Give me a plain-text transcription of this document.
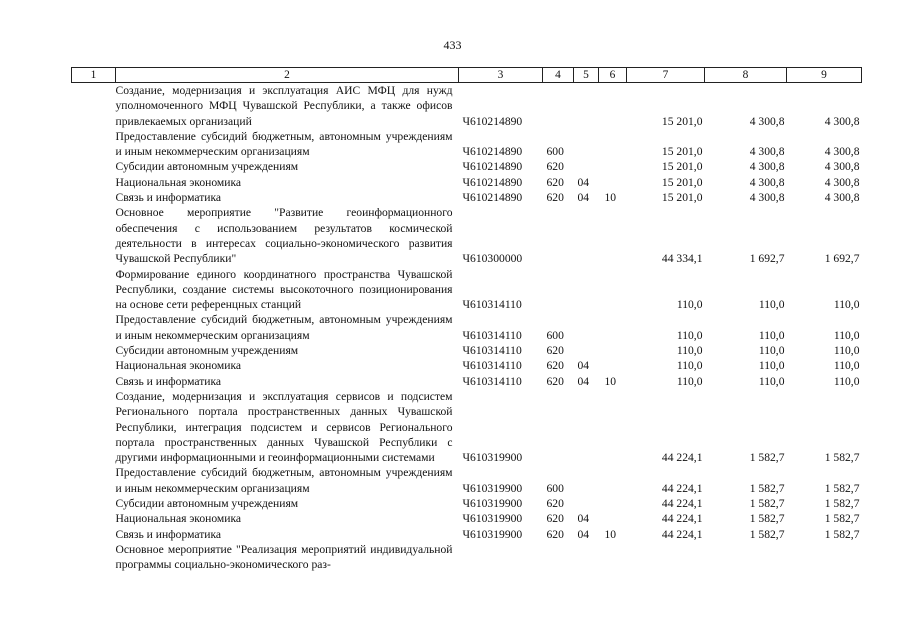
433
1	2	3	4	5	6	7	8	9
	Создание, модернизация и эксплуатация АИС МФЦ для нужд уполномоченного МФЦ Чувашской Республики, а также офисов привлекаемых организаций	Ч610214890				15 201,0	4 300,8	4 300,8
	Предоставление субсидий бюджетным, автономным учреждениям и иным некоммерческим организациям	Ч610214890	600			15 201,0	4 300,8	4 300,8
	Субсидии автономным учреждениям	Ч610214890	620			15 201,0	4 300,8	4 300,8
	Национальная экономика	Ч610214890	620	04		15 201,0	4 300,8	4 300,8
	Связь и информатика	Ч610214890	620	04	10	15 201,0	4 300,8	4 300,8
	Основное мероприятие "Развитие геоинформационного обеспечения с использованием результатов космической деятельности в интересах социально-экономического развития Чувашской Республики"	Ч610300000				44 334,1	1 692,7	1 692,7
	Формирование единого координатного пространства Чувашской Республики, создание системы высокоточного позиционирования на основе сети референцных станций	Ч610314110				110,0	110,0	110,0
	Предоставление субсидий бюджетным, автономным учреждениям и иным некоммерческим организациям	Ч610314110	600			110,0	110,0	110,0
	Субсидии автономным учреждениям	Ч610314110	620			110,0	110,0	110,0
	Национальная экономика	Ч610314110	620	04		110,0	110,0	110,0
	Связь и информатика	Ч610314110	620	04	10	110,0	110,0	110,0
	Создание, модернизация и эксплуатация сервисов и подсистем Регионального портала пространственных данных Чувашской Республики, интеграция подсистем и сервисов Регионального портала пространственных данных Чувашской Республики с другими информационными и геоинформационными системами	Ч610319900				44 224,1	1 582,7	1 582,7
	Предоставление субсидий бюджетным, автономным учреждениям и иным некоммерческим организациям	Ч610319900	600			44 224,1	1 582,7	1 582,7
	Субсидии автономным учреждениям	Ч610319900	620			44 224,1	1 582,7	1 582,7
	Национальная экономика	Ч610319900	620	04		44 224,1	1 582,7	1 582,7
	Связь и информатика	Ч610319900	620	04	10	44 224,1	1 582,7	1 582,7
	Основное мероприятие "Реализация мероприятий индивидуальной программы социально-экономического раз-							
